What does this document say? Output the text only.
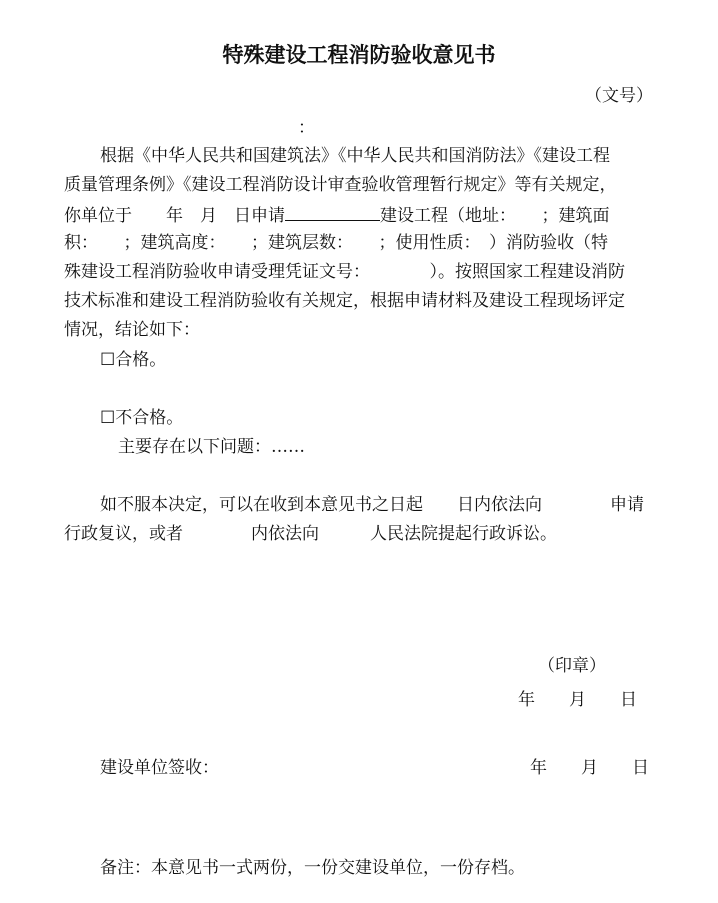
特殊建设工程消防验收意见书
（文号）
：
根据《中华人民共和国建筑法》《中华人民共和国消防法》《建设工程
质量管理条例》《建设工程消防设计审查验收管理暂行规定》等有关规定，
你单位于　　年　月　日申请	建设工程（地址：　　；建筑面
积：　　；建筑高度：　　；建筑层数：　　；使用性质：　）消防验收（特
殊建设工程消防验收申请受理凭证文号：　　　　）。按照国家工程建设消防
技术标准和建设工程消防验收有关规定，根据申请材料及建设工程现场评定
情况，结论如下：
☐合格。
☐不合格。
主要存在以下问题：……
如不服本决定，可以在收到本意见书之日起　　日内依法向　　　　申请
行政复议，或者　　　　内依法向　　　人民法院提起行政诉讼。
（印章）
年　　月　　日
建设单位签收：	年　　月　　日
备注：本意见书一式两份，一份交建设单位，一份存档。
